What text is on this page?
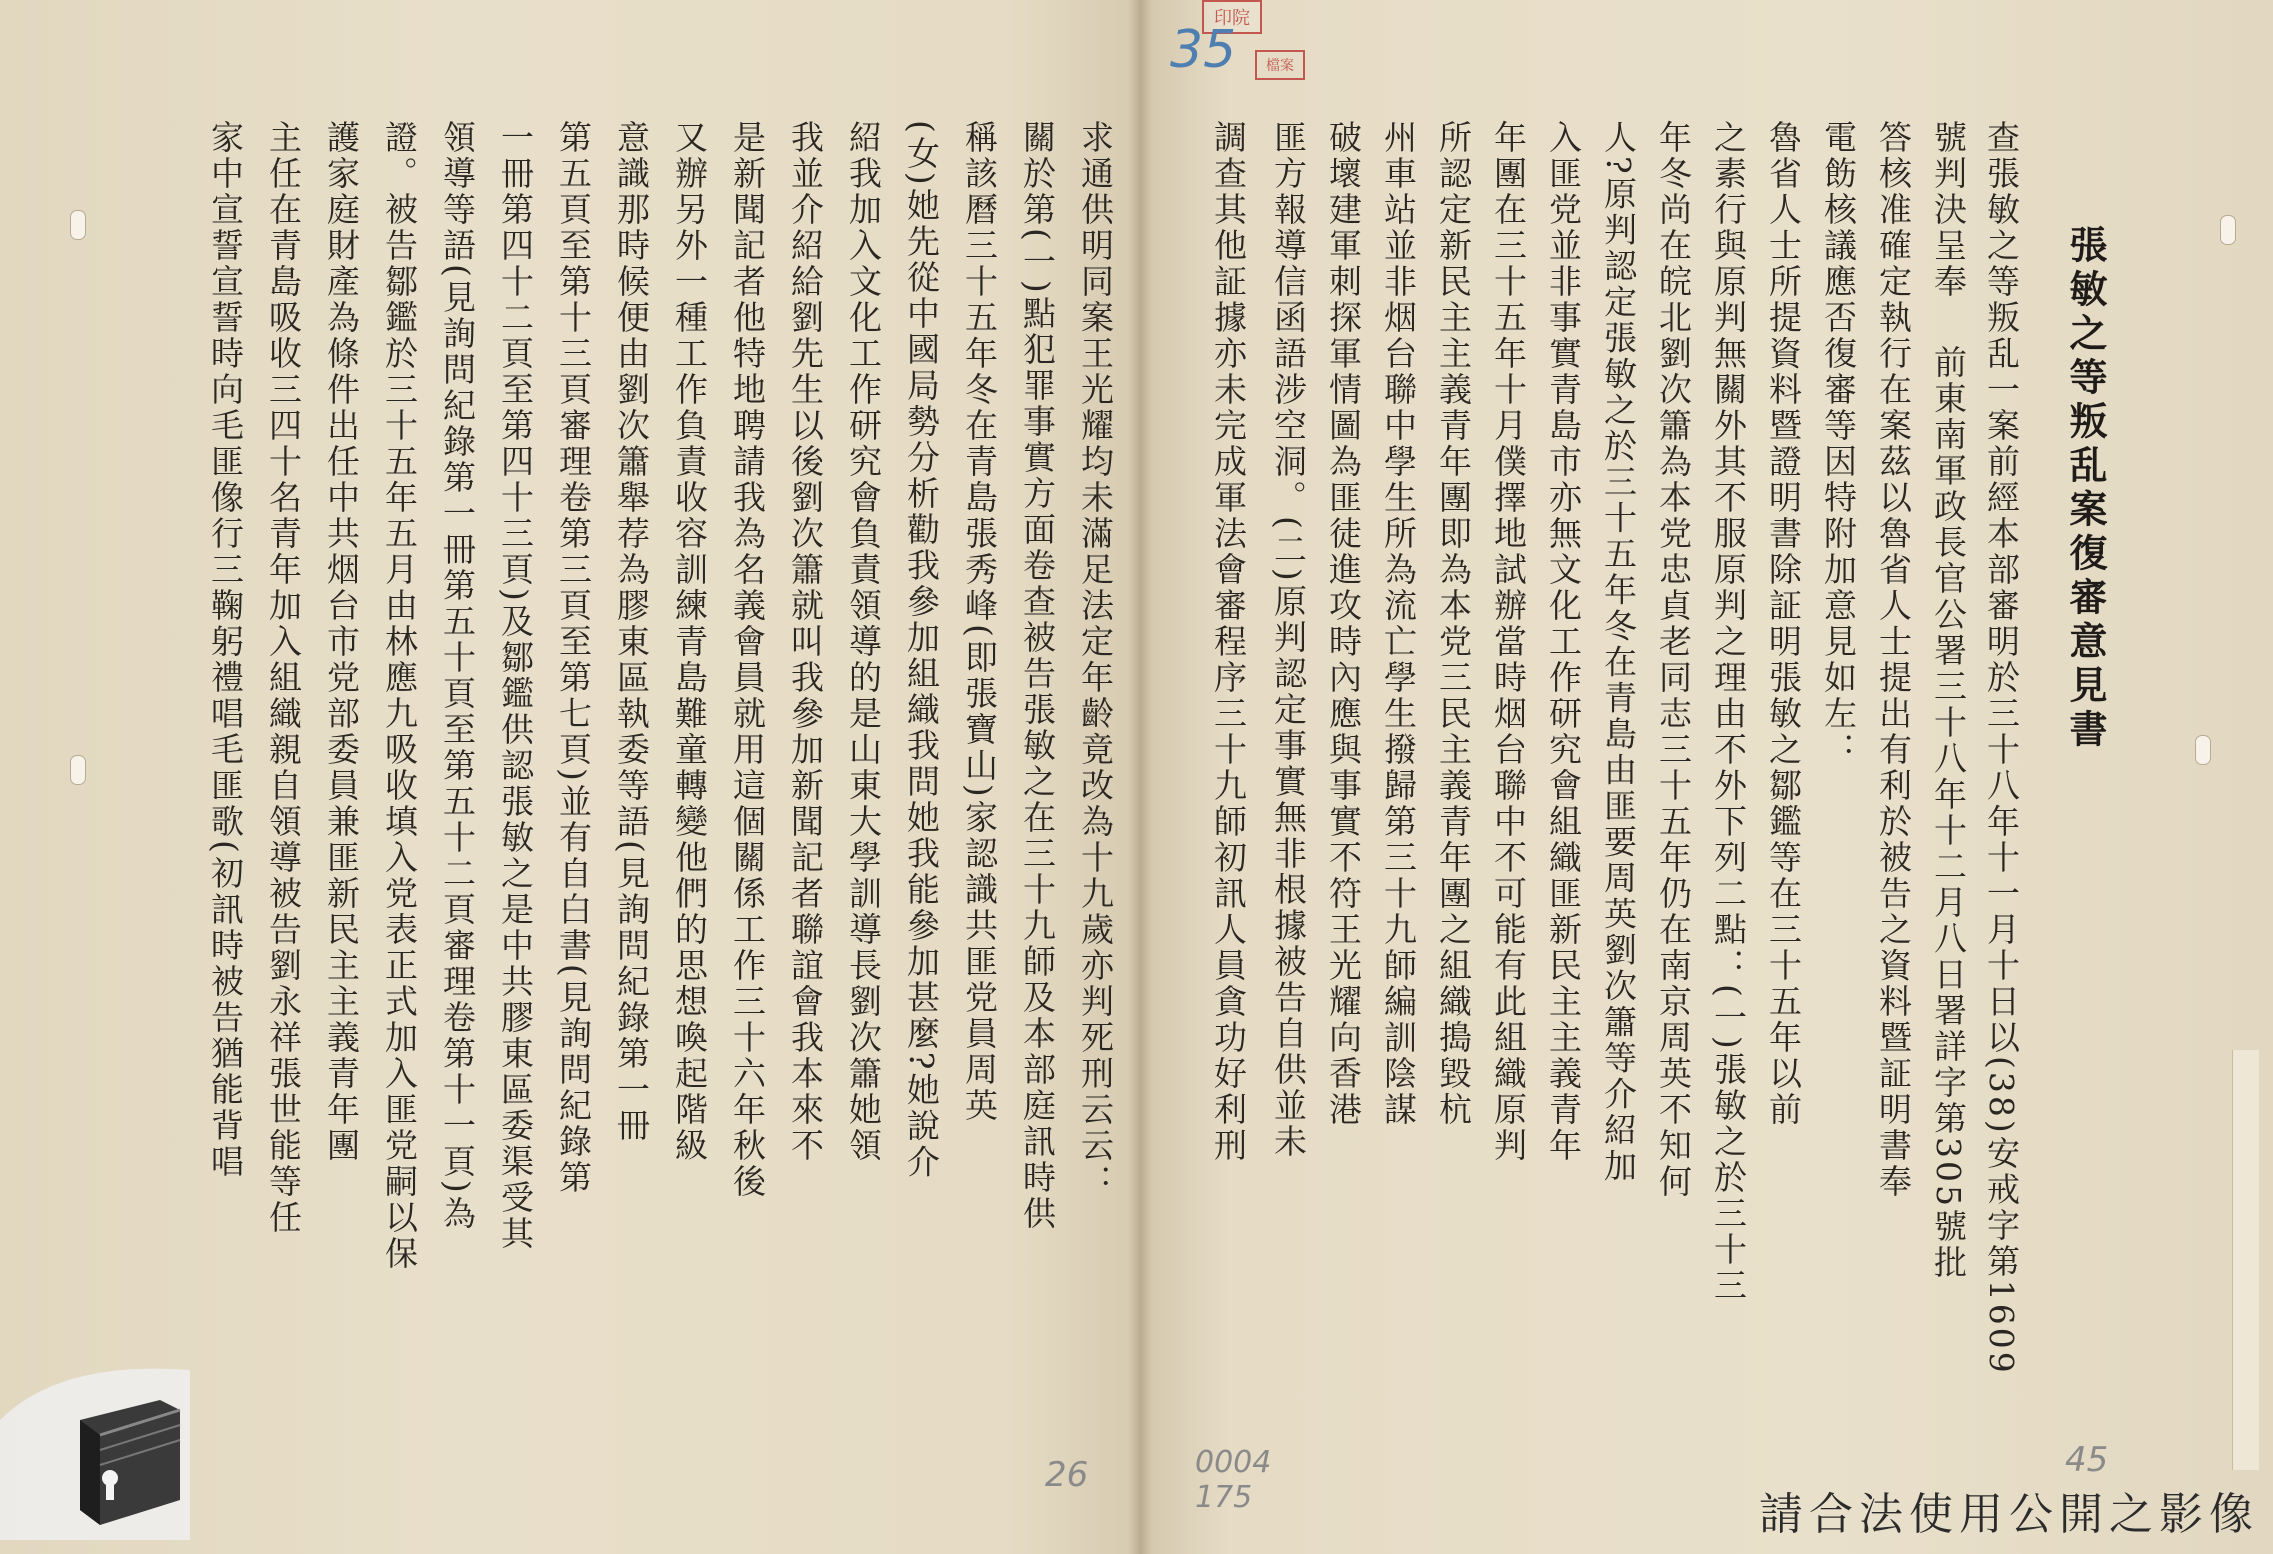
印院
檔案
35
張敏之等叛乱案復審意見書
查張敏之等叛乱一案前經本部審明於三十八年十一月十日以(38)安戒字第1609
號判決呈奉
前東南軍政長官公署三十八年十二月八日署詳字第305號批
答核准確定執行在案茲以魯省人士提出有利於被告之資料暨証明書奉
電飭核議應否復審等因特附加意見如左：
魯省人士所提資料暨證明書除証明張敏之鄒鑑等在三十五年以前
之素行與原判無關外其不服原判之理由不外下列二點：(一)張敏之於三十三
年冬尚在皖北劉次簫為本党忠貞老同志三十五年仍在南京周英不知何
人?原判認定張敏之於三十五年冬在青島由匪要周英劉次簫等介紹加
入匪党並非事實青島市亦無文化工作研究會組織匪新民主主義青年
年團在三十五年十月僕擇地試辦當時烟台聯中不可能有此組織原判
所認定新民主主義青年團即為本党三民主義青年團之組織搗毀杭
州車站並非烟台聯中學生所為流亡學生撥歸第三十九師編訓陰謀
破壞建軍刺探軍情圖為匪徒進攻時內應與事實不符王光耀向香港
匪方報導信函語涉空洞。(二)原判認定事實無非根據被告自供並未
調查其他証據亦未完成軍法會審程序三十九師初訊人員貪功好利刑
求通供明同案王光耀均未滿足法定年齡竟改為十九歲亦判死刑云云：
關於第(一)點犯罪事實方面卷查被告張敏之在三十九師及本部庭訊時供
稱該曆三十五年冬在青島張秀峰(即張寶山)家認識共匪党員周英
(女)她先從中國局勢分析勸我參加組織我問她我能參加甚麼?她說介
紹我加入文化工作研究會負責領導的是山東大學訓導長劉次簫她領
我並介紹給劉先生以後劉次簫就叫我參加新聞記者聯誼會我本來不
是新聞記者他特地聘請我為名義會員就用這個關係工作三十六年秋後
又辦另外一種工作負責收容訓練青島難童轉變他們的思想喚起階級
意識那時候便由劉次簫舉荐為膠東區執委等語(見詢問紀錄第一冊
第五頁至第十三頁審理卷第三頁至第七頁)並有自白書(見詢問紀錄第
一冊第四十二頁至第四十三頁)及鄒鑑供認張敏之是中共膠東區委渠受其
領導等語(見詢問紀錄第一冊第五十頁至第五十二頁審理卷第十一頁)為
證。被告鄒鑑於三十五年五月由林應九吸收填入党表正式加入匪党嗣以保
護家庭財產為條件出任中共烟台市党部委員兼匪新民主主義青年團
主任在青島吸收三四十名青年加入組織親自領導被告劉永祥張世能等任
家中宣誓宣誓時向毛匪像行三鞠躬禮唱毛匪歌(初訊時被告猶能背唱
26	0004
175
45
請合法使用公開之影像
